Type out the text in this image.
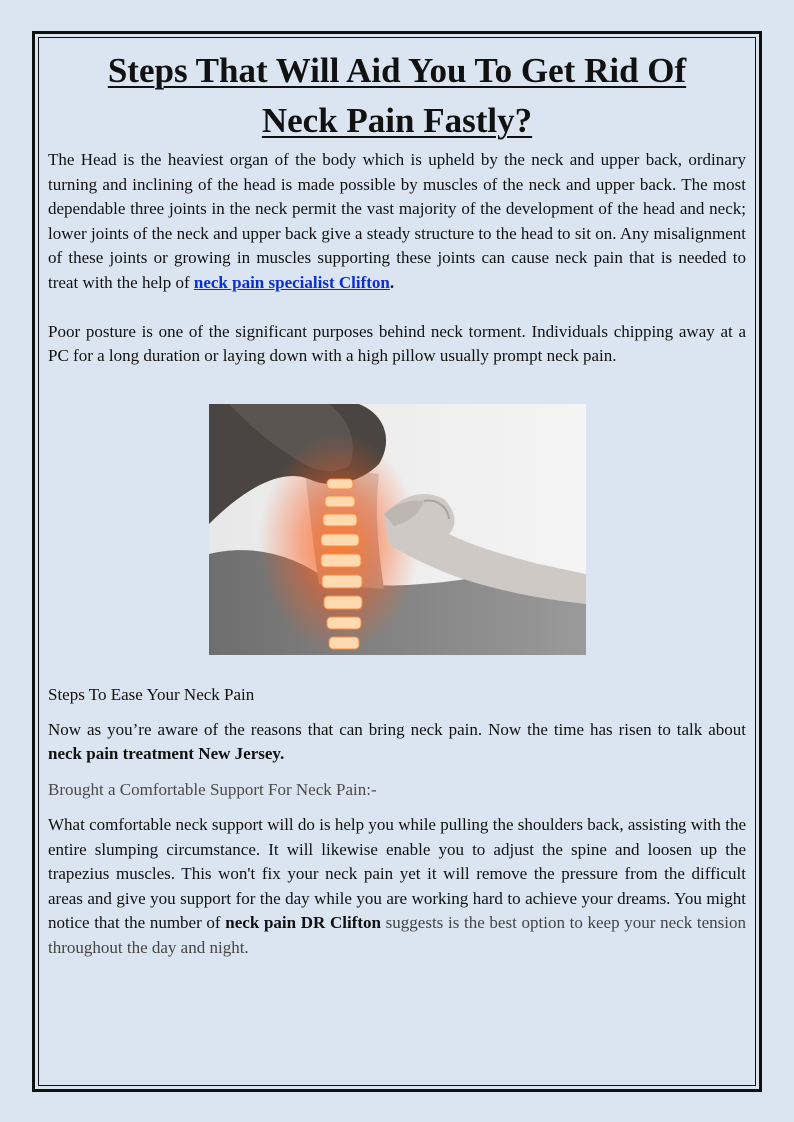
Steps That Will Aid You To Get Rid Of
Neck Pain Fastly?

The Head is the heaviest organ of the body which is upheld by the neck and upper back, ordinary turning and inclining of the head is made possible by muscles of the neck and upper back. The most dependable three joints in the neck permit the vast majority of the development of the head and neck; lower joints of the neck and upper back give a steady structure to the head to sit on. Any misalignment of these joints or growing in muscles supporting these joints can cause neck pain that is needed to treat with the help of neck pain specialist Clifton.

Poor posture is one of the significant purposes behind neck torment. Individuals chipping away at a PC for a long duration or laying down with a high pillow usually prompt neck pain.

Steps To Ease Your Neck Pain

Now as you’re aware of the reasons that can bring neck pain. Now the time has risen to talk about neck pain treatment New Jersey.

Brought a Comfortable Support For Neck Pain:-

What comfortable neck support will do is help you while pulling the shoulders back, assisting with the entire slumping circumstance. It will likewise enable you to adjust the spine and loosen up the trapezius muscles. This won't fix your neck pain yet it will remove the pressure from the difficult areas and give you support for the day while you are working hard to achieve your dreams. You might notice that the number of neck pain DR Clifton suggests is the best option to keep your neck tension throughout the day and night.
